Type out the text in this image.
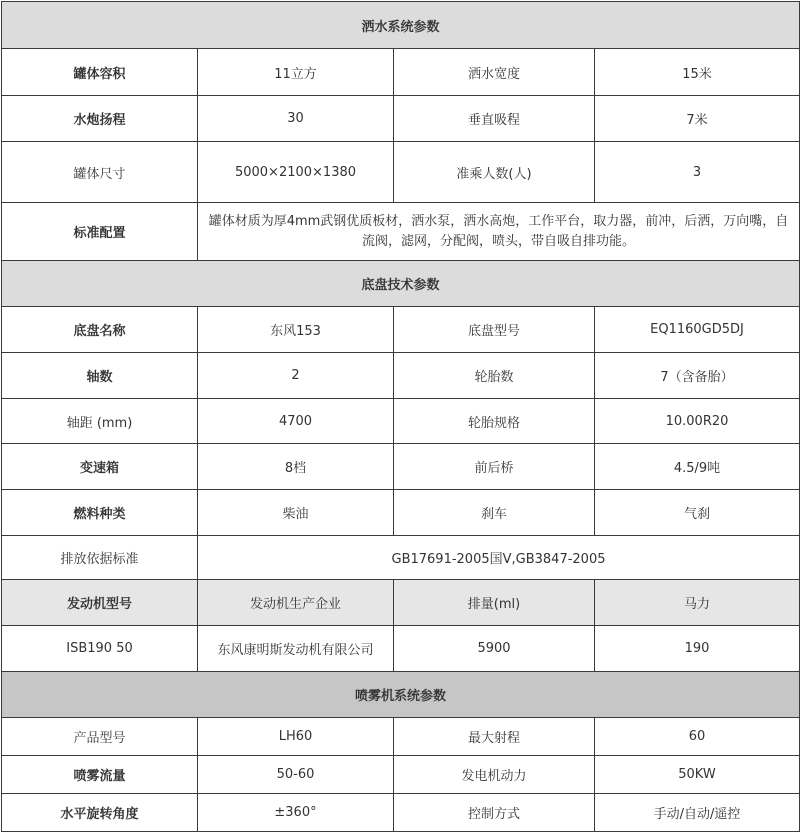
洒水系统参数			
罐体容积	11立方	洒水宽度	15米
水炮扬程	30	垂直吸程	7米
罐体尺寸	5000×2100×1380	准乘人数(人)	3
标准配置	罐体材质为厚4mm武钢优质板材，洒水泵，洒水高炮，工作平台，取力器，前冲，后洒，万向嘴，自流阀，滤网，分配阀，喷头，带自吸自排功能。		
底盘技术参数			
底盘名称	东风153	底盘型号	EQ1160GD5DJ
轴数	2	轮胎数	7（含备胎）
轴距 (mm)	4700	轮胎规格	10.00R20
变速箱	8档	前后桥	4.5/9吨
燃料种类	柴油	刹车	气刹
排放依据标准	GB17691-2005国Ⅴ,GB3847-2005		
发动机型号	发动机生产企业	排量(ml)	马力
ISB190 50	东风康明斯发动机有限公司	5900	190
喷雾机系统参数			
产品型号	LH60	最大射程	60
喷雾流量	50-60	发电机动力	50KW
水平旋转角度	±360°	控制方式	手动/自动/遥控
